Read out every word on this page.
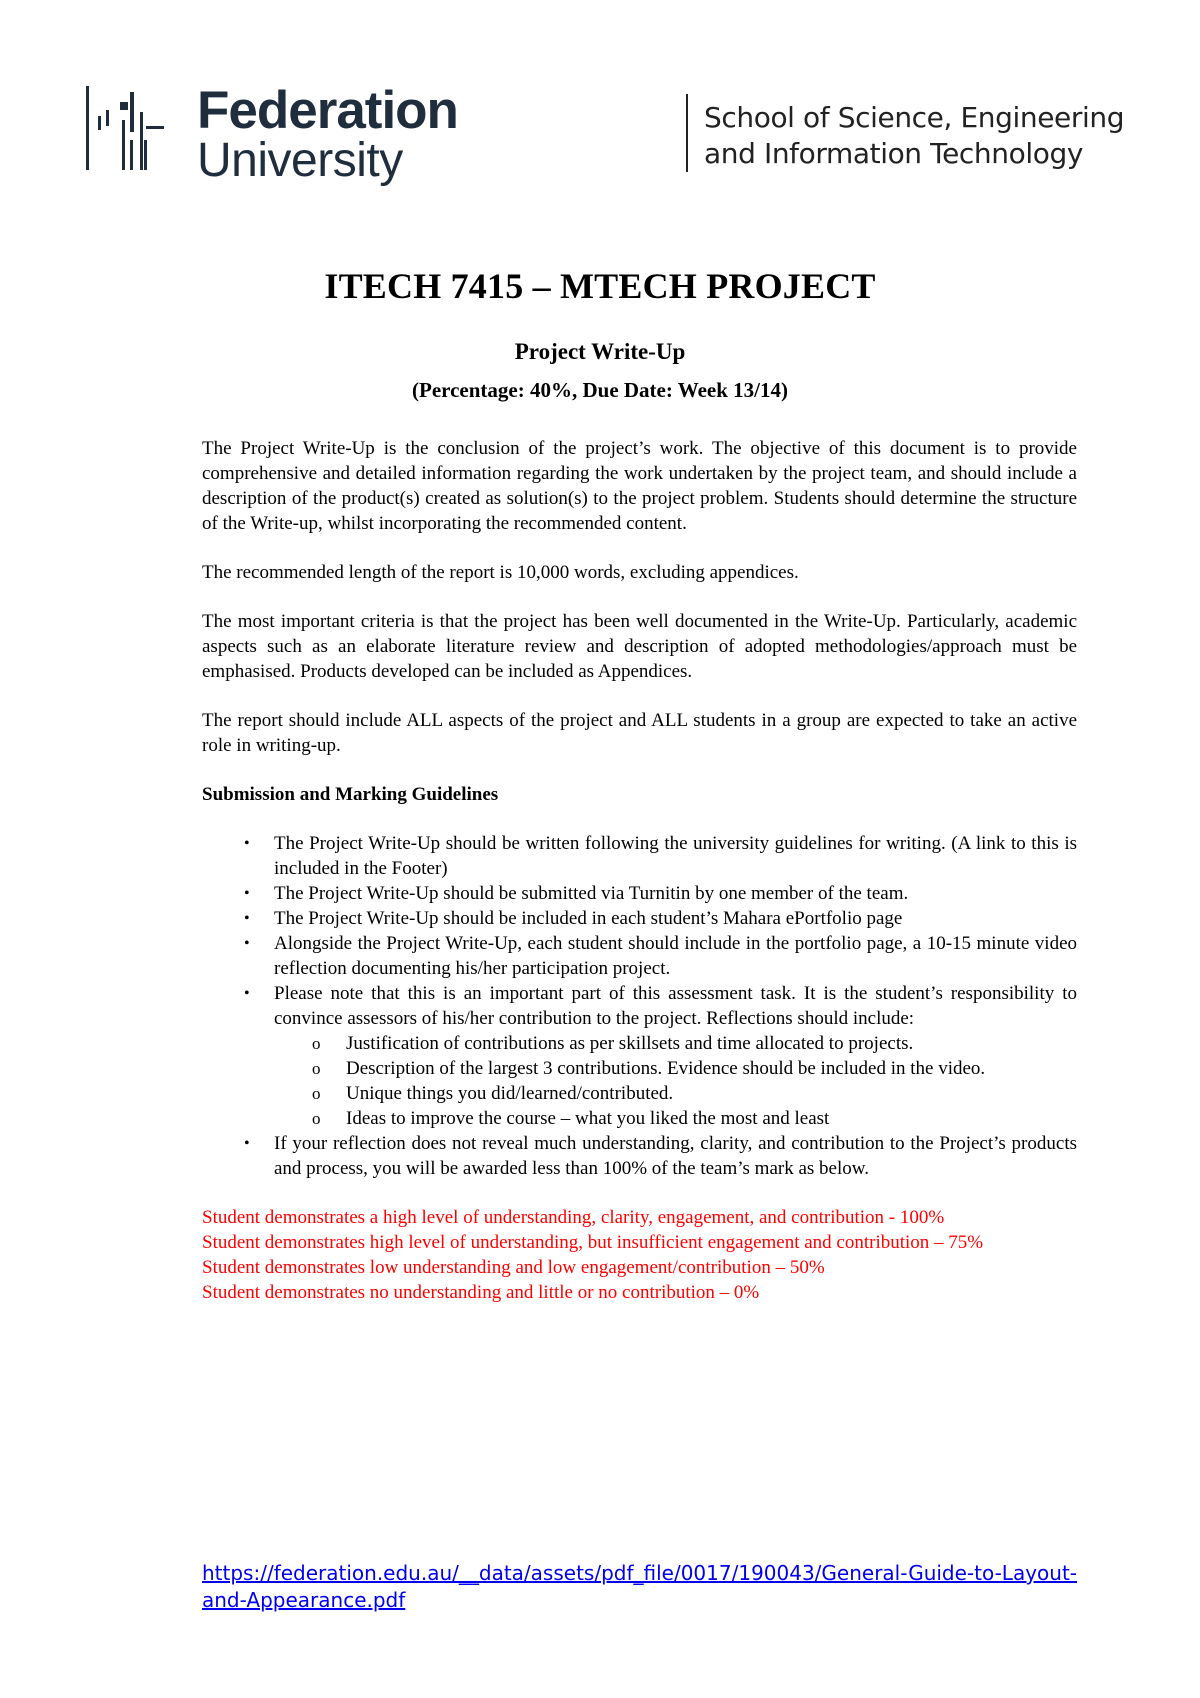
Federation
University
School of Science, Engineering
and Information Technology
ITECH 7415 – MTECH PROJECT
Project Write-Up
(Percentage: 40%, Due Date: Week 13/14)

The Project Write-Up is the conclusion of the project’s work. The objective of this document is to provide comprehensive and detailed information regarding the work undertaken by the project team, and should include a description of the product(s) created as solution(s) to the project problem. Students should determine the structure of the Write-up, whilst incorporating the recommended content.

The recommended length of the report is 10,000 words, excluding appendices.

The most important criteria is that the project has been well documented in the Write-Up. Particularly, academic aspects such as an elaborate literature review and description of adopted methodologies/approach must be emphasised. Products developed can be included as Appendices.

The report should include ALL aspects of the project and ALL students in a group are expected to take an active role in writing-up.

Submission and Marking Guidelines
• The Project Write-Up should be written following the university guidelines for writing. (A link to this is included in the Footer)
• The Project Write-Up should be submitted via Turnitin by one member of the team.
• The Project Write-Up should be included in each student’s Mahara ePortfolio page
• Alongside the Project Write-Up, each student should include in the portfolio page, a 10-15 minute video reflection documenting his/her participation project.
• Please note that this is an important part of this assessment task. It is the student’s responsibility to convince assessors of his/her contribution to the project. Reflections should include:
o Justification of contributions as per skillsets and time allocated to projects.
o Description of the largest 3 contributions. Evidence should be included in the video.
o Unique things you did/learned/contributed.
o Ideas to improve the course – what you liked the most and least
• If your reflection does not reveal much understanding, clarity, and contribution to the Project’s products and process, you will be awarded less than 100% of the team’s mark as below.
Student demonstrates a high level of understanding, clarity, engagement, and contribution - 100%
Student demonstrates high level of understanding, but insufficient engagement and contribution – 75%
Student demonstrates low understanding and low engagement/contribution – 50%
Student demonstrates no understanding and little or no contribution – 0%
https://federation.edu.au/__data/assets/pdf_file/0017/190043/General-Guide-to-Layout-and-Appearance.pdf
